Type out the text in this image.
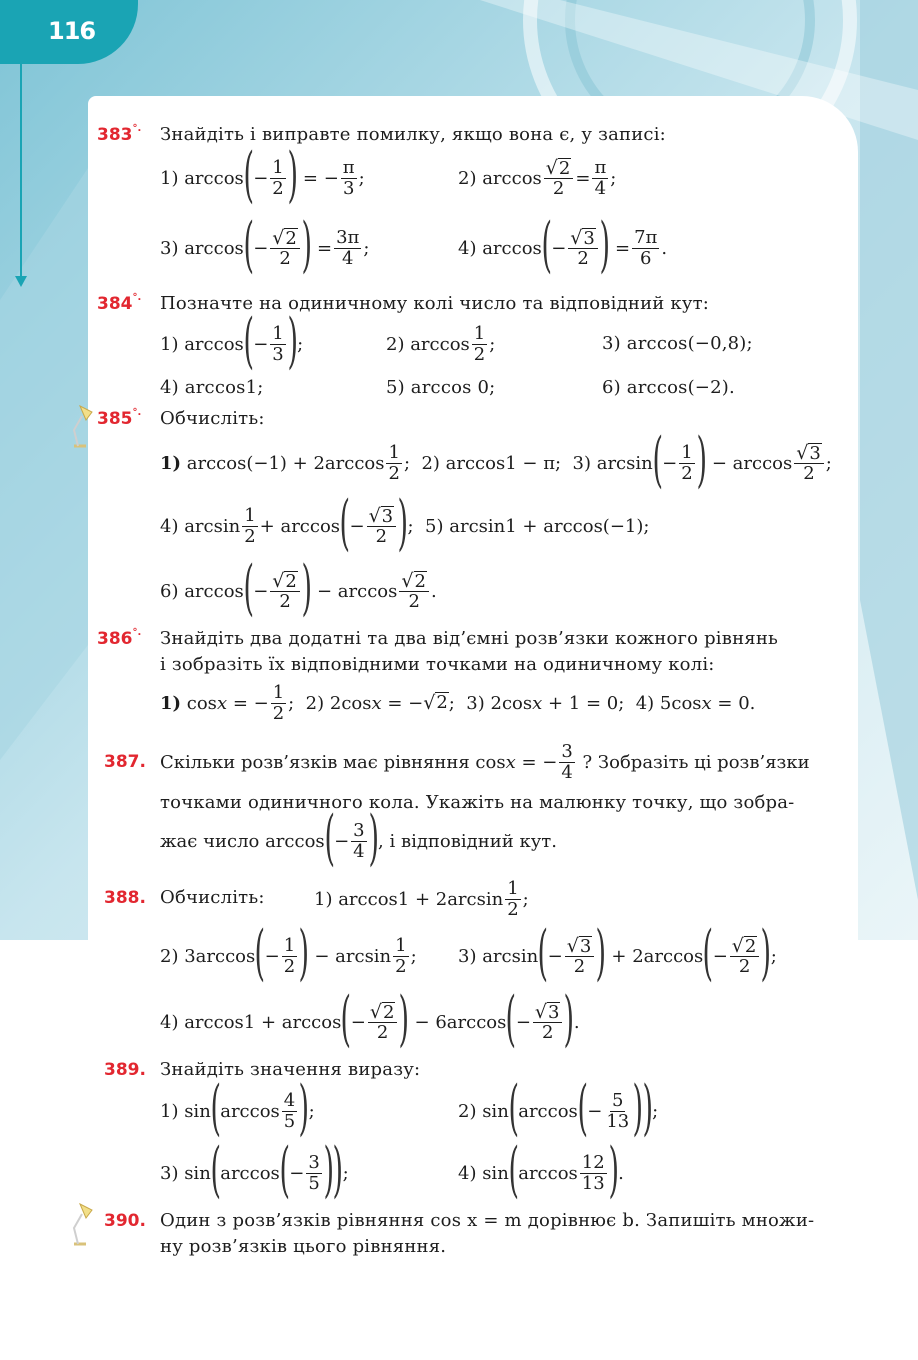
116
383°. Знайдіть і виправте помилку, якщо вона є, у записі:
1) arccos ( −
1
2 ) = −
π
3 ;	2) arccos √ 2
2 =
π
4 ;
3) arccos ( − √ 2
2 ) =
3π
4 ;	4) arccos ( − √ 3
2 ) =
7π
6 .
384°. Позначте на одиничному колі число та відповідний кут:
1) arccos ( −
1
3 ) ;	2) arccos
1
2 ;	3) arccos(−0,8);
4) arccos1;	5) arccos 0;	6) arccos(−2).
385°. Обчисліть:
1) arccos(−1) + 2arccos
1
2 ;  2) arccos1 − π;  3) arcsin ( −
1
2 ) − arccos √ 3
2 ;
4) arcsin
1
2 + arccos ( − √ 3
2 ) ;  5) arcsin1 + arccos(−1);
6) arccos ( − √ 2
2 ) − arccos √ 2
2 .
386°. Знайдіть два додатні та два від’ємні розв’язки кожного рівнянь
і зобразіть їх відповідними точками на одиничному колі:
1) cos x = −
1
2 ;  2) 2cos x = − √ 2 ;  3) 2cos x + 1 = 0;  4) 5cos x = 0.
387. Скільки розв’язків має рівняння cos x = −
3
4
? Зобразіть ці розв’язки
точками одиничного кола. Укажіть на малюнку точку, що зобра-
жає число arccos ( −
3
4 ) , і відповідний кут.
388. Обчисліть:	1) arccos1 + 2arcsin
1
2 ;
2) 3arccos ( −
1
2 ) − arcsin
1
2 ; 3) arcsin ( − √ 3
2 ) + 2arccos ( − √ 2
2 ) ;
4) arccos1 + arccos ( − √ 2
2 ) − 6arccos ( − √ 3
2 ) .
389. Знайдіть значення виразу:
1) sin ( arccos
4
5 ) ;	2) sin ( arccos ( −
5
13 )
) ;
3) sin ( arccos ( −
3
5 )
) ;	4) sin ( arccos
12
13 ) .
390. Один з розв’язків рівняння cos x = m дорівнює b. Запишіть множи-
ну розв’язків цього рівняння.
